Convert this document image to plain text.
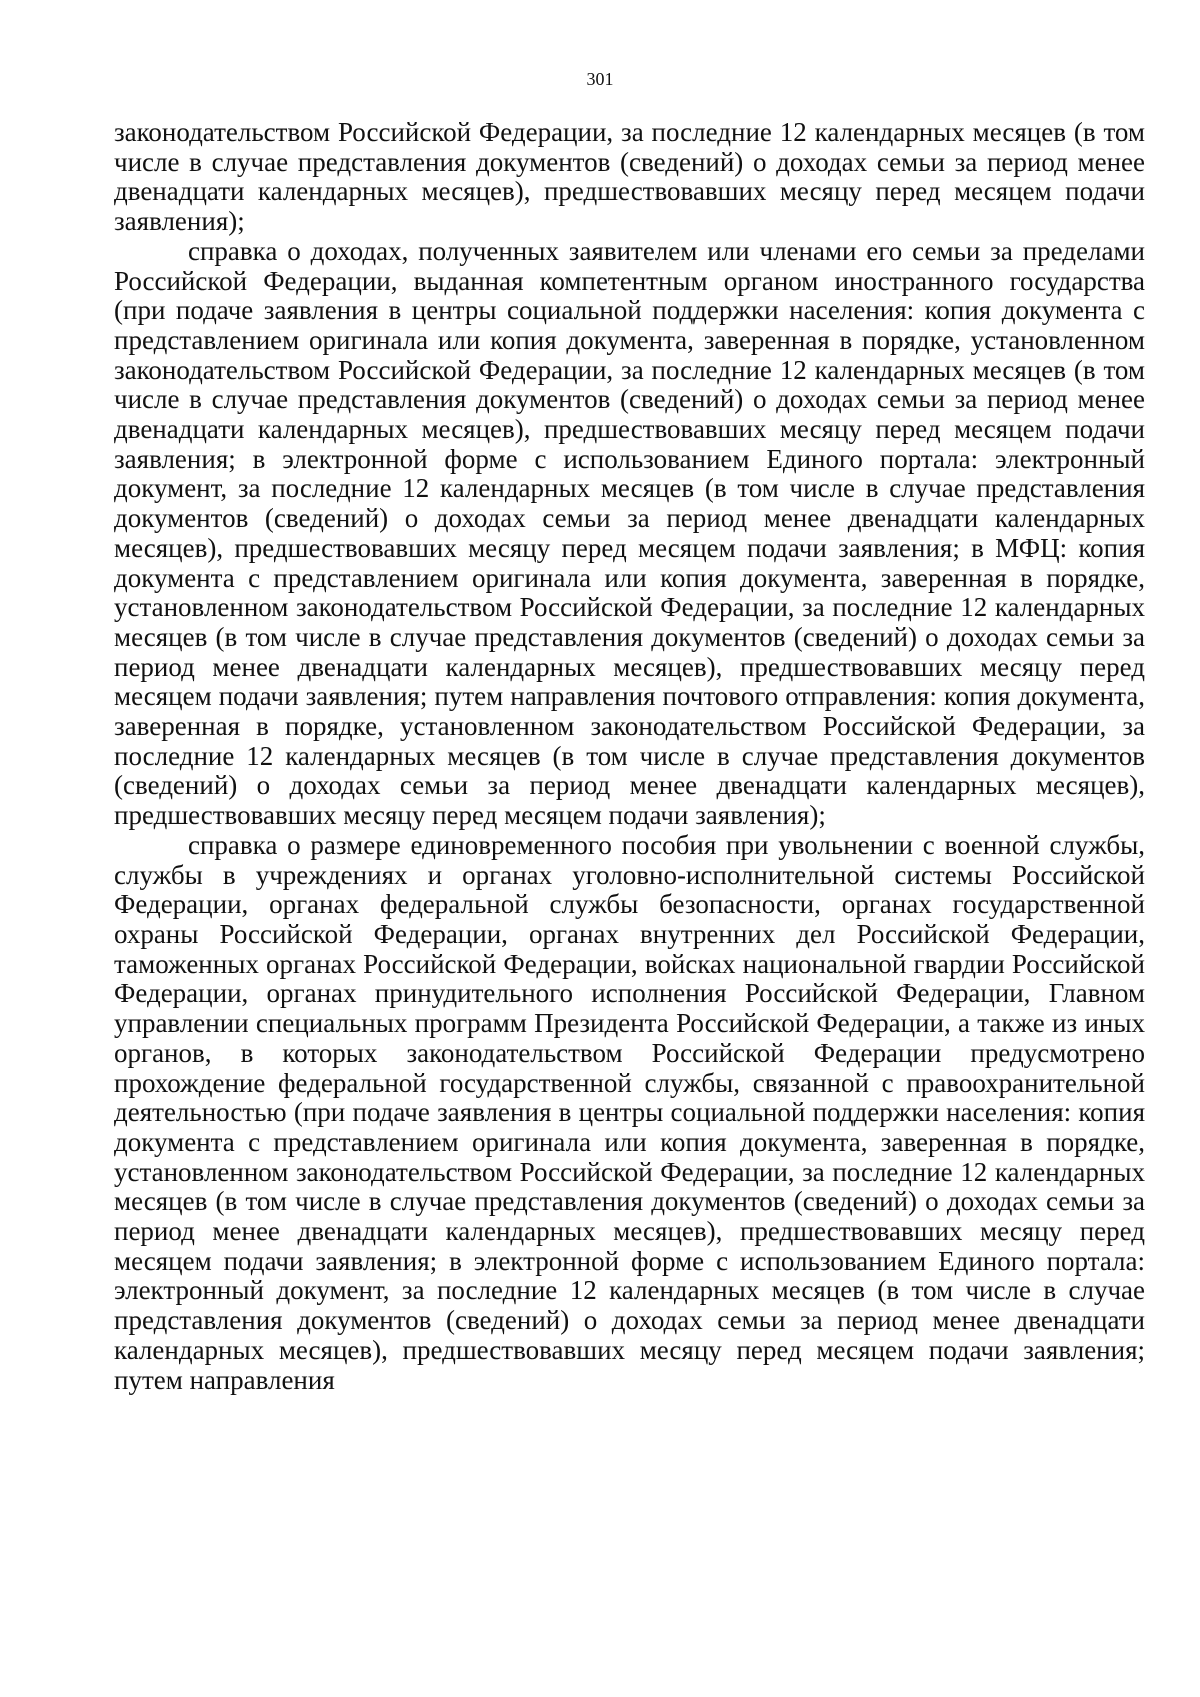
301

законодательством Российской Федерации, за последние 12 календарных месяцев (в том числе в случае представления документов (сведений) о доходах семьи за период менее двенадцати календарных месяцев), предшествовавших месяцу перед месяцем подачи заявления);

справка о доходах, полученных заявителем или членами его семьи за пределами Российской Федерации, выданная компетентным органом иностранного государства (при подаче заявления в центры социальной поддержки населения: копия документа с представлением оригинала или копия документа, заверенная в порядке, установленном законодательством Российской Федерации, за последние 12 календарных месяцев (в том числе в случае представления документов (сведений) о доходах семьи за период менее двенадцати календарных месяцев), предшествовавших месяцу перед месяцем подачи заявления; в электронной форме с использованием Единого портала: электронный документ, за последние 12 календарных месяцев (в том числе в случае представления документов (сведений) о доходах семьи за период менее двенадцати календарных месяцев), предшествовавших месяцу перед месяцем подачи заявления; в МФЦ: копия документа с представлением оригинала или копия документа, заверенная в порядке, установленном законодательством Российской Федерации, за последние 12 календарных месяцев (в том числе в случае представления документов (сведений) о доходах семьи за период менее двенадцати календарных месяцев), предшествовавших месяцу перед месяцем подачи заявления; путем направления почтового отправления: копия документа, заверенная в порядке, установленном законодательством Российской Федерации, за последние 12 календарных месяцев (в том числе в случае представления документов (сведений) о доходах семьи за период менее двенадцати календарных месяцев), предшествовавших месяцу перед месяцем подачи заявления);

справка о размере единовременного пособия при увольнении с военной службы, службы в учреждениях и органах уголовно-исполнительной системы Российской Федерации, органах федеральной службы безопасности, органах государственной охраны Российской Федерации, органах внутренних дел Российской Федерации, таможенных органах Российской Федерации, войсках национальной гвардии Российской Федерации, органах принудительного исполнения Российской Федерации, Главном управлении специальных программ Президента Российской Федерации, а также из иных органов, в которых законодательством Российской Федерации предусмотрено прохождение федеральной государственной службы, связанной с правоохранительной деятельностью (при подаче заявления в центры социальной поддержки населения: копия документа с представлением оригинала или копия документа, заверенная в порядке, установленном законодательством Российской Федерации, за последние 12 календарных месяцев (в том числе в случае представления документов (сведений) о доходах семьи за период менее двенадцати календарных месяцев), предшествовавших месяцу перед месяцем подачи заявления; в электронной форме с использованием Единого портала: электронный документ, за последние 12 календарных месяцев (в том числе в случае представления документов (сведений) о доходах семьи за период менее двенадцати календарных месяцев), предшествовавших месяцу перед месяцем подачи заявления; путем направления
